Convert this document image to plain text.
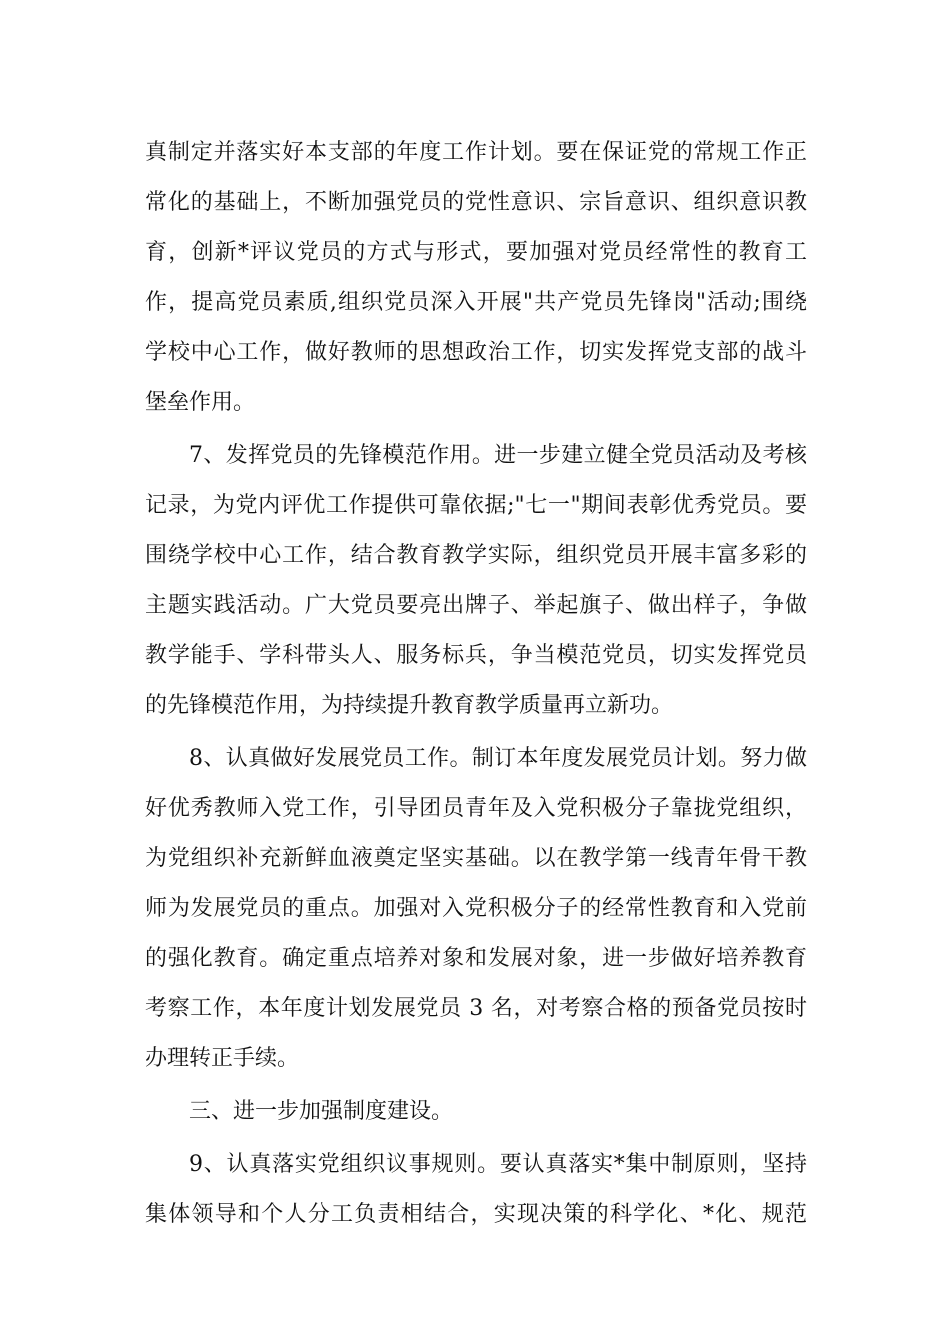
真制定并落实好本支部的年度工作计划。要在保证党的常规工作正
常化的基础上，不断加强党员的党性意识、宗旨意识、组织意识教
育，创新*评议党员的方式与形式，要加强对党员经常性的教育工
作，提高党员素质,组织党员深入开展"共产党员先锋岗"活动;围绕
学校中心工作，做好教师的思想政治工作，切实发挥党支部的战斗
堡垒作用。
7、发挥党员的先锋模范作用。进一步建立健全党员活动及考核
记录，为党内评优工作提供可靠依据;"七一"期间表彰优秀党员。要
围绕学校中心工作，结合教育教学实际，组织党员开展丰富多彩的
主题实践活动。广大党员要亮出牌子、举起旗子、做出样子，争做
教学能手、学科带头人、服务标兵，争当模范党员，切实发挥党员
的先锋模范作用，为持续提升教育教学质量再立新功。
8、认真做好发展党员工作。制订本年度发展党员计划。努力做
好优秀教师入党工作，引导团员青年及入党积极分子靠拢党组织，
为党组织补充新鲜血液奠定坚实基础。以在教学第一线青年骨干教
师为发展党员的重点。加强对入党积极分子的经常性教育和入党前
的强化教育。确定重点培养对象和发展对象，进一步做好培养教育
考察工作，本年度计划发展党员 3 名，对考察合格的预备党员按时
办理转正手续。
三、进一步加强制度建设。
9、认真落实党组织议事规则。要认真落实*集中制原则，坚持
集体领导和个人分工负责相结合，实现决策的科学化、*化、规范
